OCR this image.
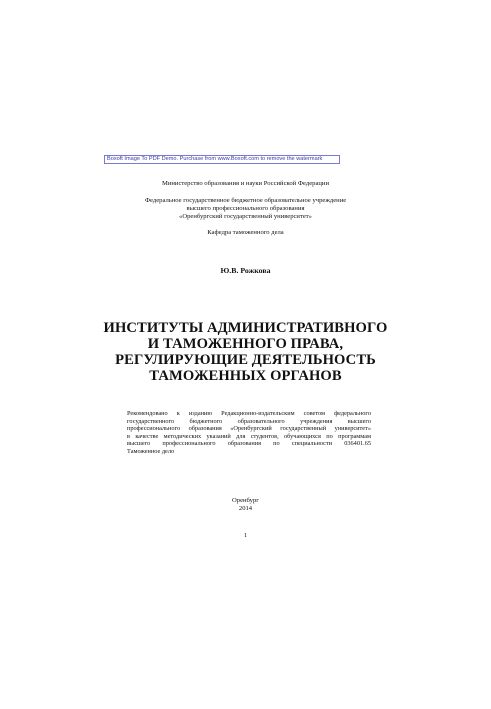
Boxoft Image To PDF Demo. Purchase from www.Boxoft.com to remove the watermark
Министерство образования и науки Российской Федерации
Федеральное государственное бюджетное образовательное учреждение
высшего профессионального образования
«Оренбургский государственный университет»
Кафедра таможенного дела
Ю.В. Рожкова
ИНСТИТУТЫ АДМИНИСТРАТИВНОГО
И ТАМОЖЕННОГО ПРАВА,
РЕГУЛИРУЮЩИЕ ДЕЯТЕЛЬНОСТЬ
ТАМОЖЕННЫХ ОРГАНОВ
Рекомендовано к изданию Редакционно-издательским советом федерального
государственного бюджетного образовательного учреждения высшего
профессионального образования «Оренбургский государственный университет»
в качестве методических указаний для студентов, обучающихся по программам
высшего профессионального образования по специальности 036401.65
Таможенное дело
Оренбург
2014
1
